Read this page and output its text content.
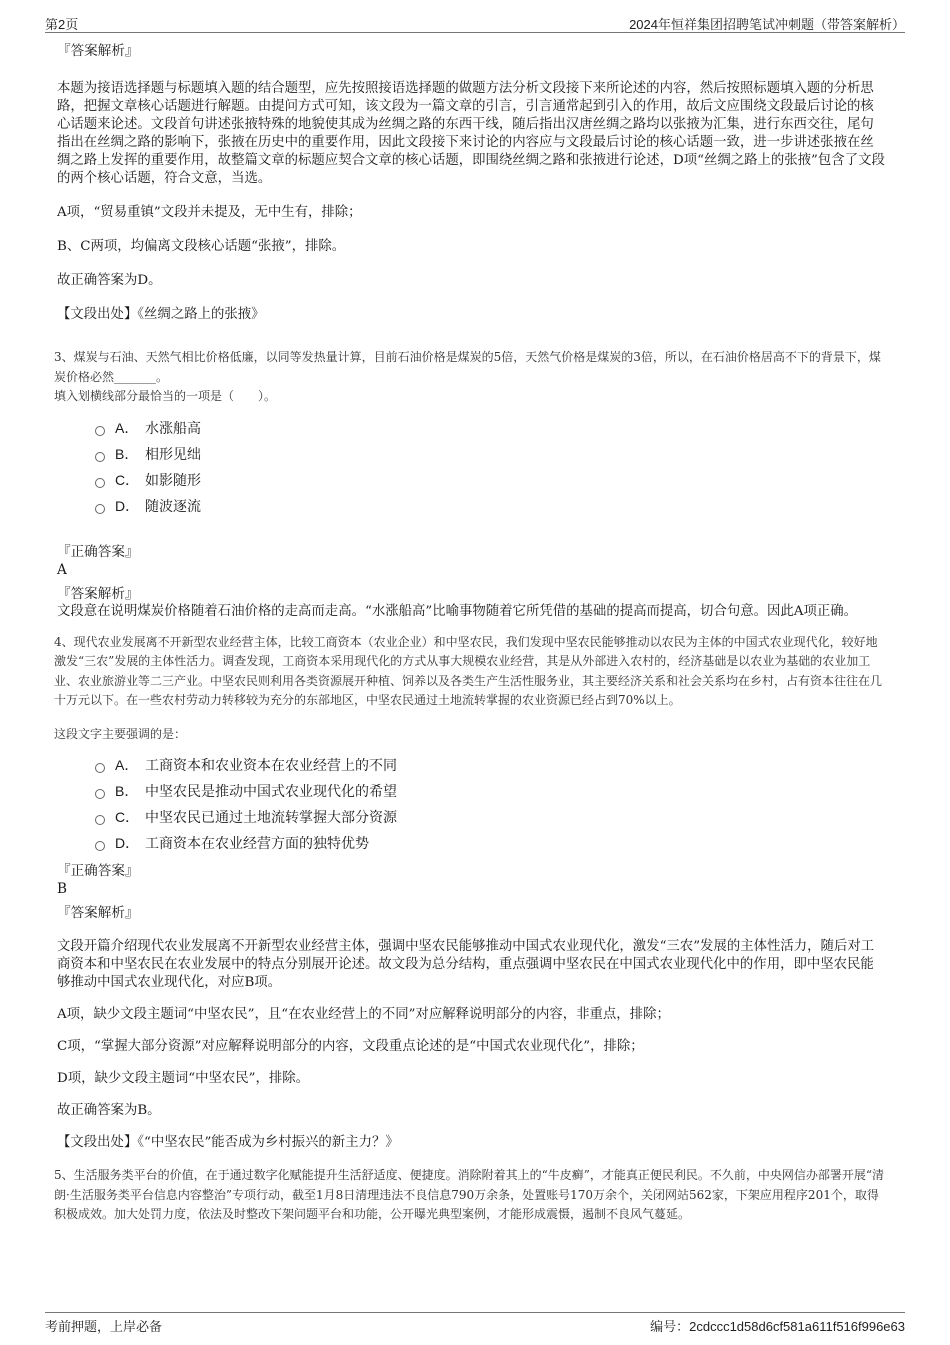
第2页	2024年恒祥集团招聘笔试冲刺题（带答案解析）

『答案解析』

本题为接语选择题与标题填入题的结合题型，应先按照接语选择题的做题方法分析文段接下来所论述的内容，然后按照标题填入题的分析思路，把握文章核心话题进行解题。由提问方式可知，该文段为一篇文章的引言，引言通常起到引入的作用，故后文应围绕文段最后讨论的核心话题来论述。文段首句讲述张掖特殊的地貌使其成为丝绸之路的东西干线，随后指出汉唐丝绸之路均以张掖为汇集，进行东西交往，尾句指出在丝绸之路的影响下，张掖在历史中的重要作用，因此文段接下来讨论的内容应与文段最后讨论的核心话题一致，进一步讲述张掖在丝绸之路上发挥的重要作用，故整篇文章的标题应契合文章的核心话题，即围绕丝绸之路和张掖进行论述，D项“丝绸之路上的张掖”包含了文段的两个核心话题，符合文意，当选。

A项，“贸易重镇”文段并未提及，无中生有，排除；

B、C两项，均偏离文段核心话题“张掖”，排除。

故正确答案为D。

【文段出处】《丝绸之路上的张掖》

3、煤炭与石油、天然气相比价格低廉，以同等发热量计算，目前石油价格是煤炭的5倍，天然气价格是煤炭的3倍，所以，在石油价格居高不下的背景下，煤炭价格必然_______。

填入划横线部分最恰当的一项是（　　）。

A． 水涨船高
B． 相形见绌
C． 如影随形
D． 随波逐流

『正确答案』

A

『答案解析』

文段意在说明煤炭价格随着石油价格的走高而走高。“水涨船高”比喻事物随着它所凭借的基础的提高而提高，切合句意。因此A项正确。

4、现代农业发展离不开新型农业经营主体，比较工商资本（农业企业）和中坚农民，我们发现中坚农民能够推动以农民为主体的中国式农业现代化，较好地激发“三农”发展的主体性活力。调查发现，工商资本采用现代化的方式从事大规模农业经营，其是从外部进入农村的，经济基础是以农业为基础的农业加工业、农业旅游业等二三产业。中坚农民则利用各类资源展开种植、饲养以及各类生产生活性服务业，其主要经济关系和社会关系均在乡村，占有资本往往在几十万元以下。在一些农村劳动力转移较为充分的东部地区，中坚农民通过土地流转掌握的农业资源已经占到70%以上。

这段文字主要强调的是：

A． 工商资本和农业资本在农业经营上的不同
B． 中坚农民是推动中国式农业现代化的希望
C． 中坚农民已通过土地流转掌握大部分资源
D． 工商资本在农业经营方面的独特优势

『正确答案』

B

『答案解析』

文段开篇介绍现代农业发展离不开新型农业经营主体，强调中坚农民能够推动中国式农业现代化，激发“三农”发展的主体性活力，随后对工商资本和中坚农民在农业发展中的特点分别展开论述。故文段为总分结构，重点强调中坚农民在中国式农业现代化中的作用，即中坚农民能够推动中国式农业现代化，对应B项。

A项，缺少文段主题词“中坚农民”，且“在农业经营上的不同”对应解释说明部分的内容，非重点，排除；

C项，“掌握大部分资源”对应解释说明部分的内容，文段重点论述的是“中国式农业现代化”，排除；

D项，缺少文段主题词“中坚农民”，排除。

故正确答案为B。

【文段出处】《“中坚农民”能否成为乡村振兴的新主力？》

5、生活服务类平台的价值，在于通过数字化赋能提升生活舒适度、便捷度。消除附着其上的“牛皮癣”，才能真正便民利民。不久前，中央网信办部署开展“清朗·生活服务类平台信息内容整治”专项行动，截至1月8日清理违法不良信息790万余条，处置账号170万余个，关闭网站562家，下架应用程序201个，取得积极成效。加大处罚力度，依法及时整改下架问题平台和功能，公开曝光典型案例，才能形成震慑，遏制不良风气蔓延。

考前押题，上岸必备	编号：2cdccc1d58d6cf581a611f516f996e63
